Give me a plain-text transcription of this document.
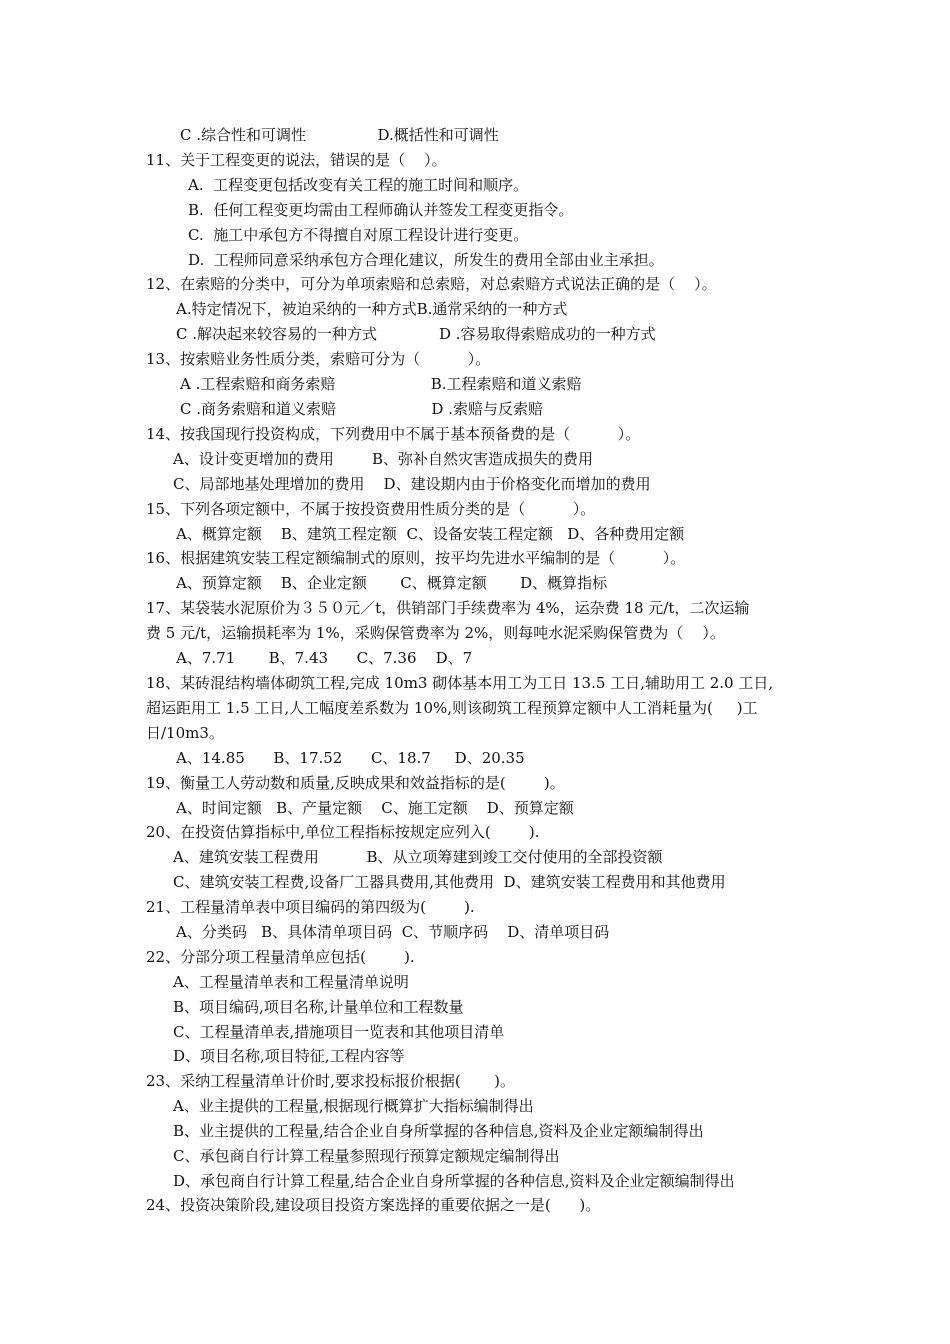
C .综合性和可调性               D.概括性和可调性
11、关于工程变更的说法，错误的是（    ）。
A.  工程变更包括改变有关工程的施工时间和顺序。
B.  任何工程变更均需由工程师确认并签发工程变更指令。
C.  施工中承包方不得擅自对原工程设计进行变更。
D.  工程师同意采纳承包方合理化建议，所发生的费用全部由业主承担。
12、在索赔的分类中，可分为单项索赔和总索赔，对总索赔方式说法正确的是（    ）。
A.特定情况下，被迫采纳的一种方式B.通常采纳的一种方式
C .解决起来较容易的一种方式             D .容易取得索赔成功的一种方式
13、按索赔业务性质分类，索赔可分为（          ）。
A .工程索赔和商务索赔                    B.工程索赔和道义索赔
C .商务索赔和道义索赔                    D .索赔与反索赔
14、按我国现行投资构成，下列费用中不属于基本预备费的是（          ）。
A、设计变更增加的费用        B、弥补自然灾害造成损失的费用
C、局部地基处理增加的费用    D、建设期内由于价格变化而增加的费用
15、下列各项定额中，不属于按投资费用性质分类的是（          ）。
A、概算定额    B、建筑工程定额  C、设备安装工程定额   D、各种费用定额
16、根据建筑安装工程定额编制式的原则，按平均先进水平编制的是（          ）。
A、预算定额    B、企业定额       C、概算定额       D、概算指标
17、某袋装水泥原价为３５０元／t，供销部门手续费率为 4%，运杂费 18 元/t，二次运输
费 5 元/t，运输损耗率为 1%，采购保管费率为 2%，则每吨水泥采购保管费为（    ）。
A、7.71       B、7.43      C、7.36    D、7
18、某砖混结构墙体砌筑工程,完成 10m3 砌体基本用工为工日 13.5 工日,辅助用工 2.0 工日,
超运距用工 1.5 工日,人工幅度差系数为 10%,则该砌筑工程预算定额中人工消耗量为(     )工
日/10m3。
A、14.85      B、17.52      C、18.7     D、20.35
19、衡量工人劳动数和质量,反映成果和效益指标的是(        )。
A、时间定额   B、产量定额    C、施工定额    D、预算定额
20、在投资估算指标中,单位工程指标按规定应列入(        ).
A、建筑安装工程费用          B、从立项筹建到竣工交付使用的全部投资额
C、建筑安装工程费,设备厂工器具费用,其他费用  D、建筑安装工程费用和其他费用
21、工程量清单表中项目编码的第四级为(        ).
A、分类码   B、具体清单项目码  C、节顺序码    D、清单项目码
22、分部分项工程量清单应包括(        ).
A、工程量清单表和工程量清单说明
B、项目编码,项目名称,计量单位和工程数量
C、工程量清单表,措施项目一览表和其他项目清单
D、项目名称,项目特征,工程内容等
23、采纳工程量清单计价时,要求投标报价根据(       )。
A、业主提供的工程量,根据现行概算扩大指标编制得出
B、业主提供的工程量,结合企业自身所掌握的各种信息,资料及企业定额编制得出
C、承包商自行计算工程量参照现行预算定额规定编制得出
D、承包商自行计算工程量,结合企业自身所掌握的各种信息,资料及企业定额编制得出
24、投资决策阶段,建设项目投资方案选择的重要依据之一是(      )。
